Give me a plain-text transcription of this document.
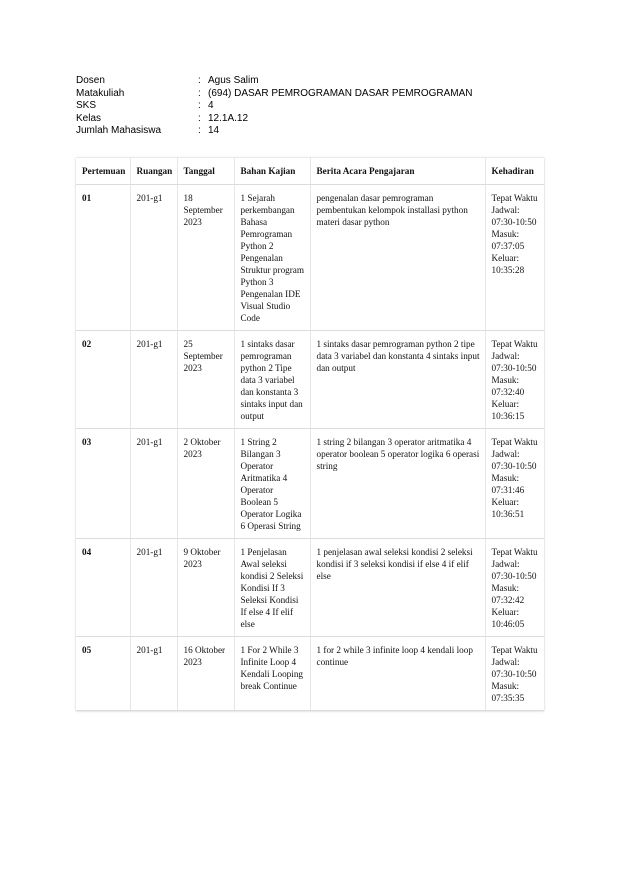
Dosen	: Agus Salim
Matakuliah	: (694) DASAR PEMROGRAMAN DASAR PEMROGRAMAN
SKS	: 4
Kelas	: 12.1A.12
Jumlah Mahasiswa	: 14
Pertemuan	Ruangan	Tanggal	Bahan Kajian	Berita Acara Pengajaran	Kehadiran
01	201-g1	18 September 2023	1 Sejarah perkembangan Bahasa Pemrograman Python 2 Pengenalan Struktur program Python 3 Pengenalan IDE Visual Studio Code	pengenalan dasar pemrograman pembentukan kelompok installasi python materi dasar python	Tepat Waktu Jadwal: 07:30-10:50 Masuk: 07:37:05 Keluar: 10:35:28
02	201-g1	25 September 2023	1 sintaks dasar pemrograman python 2 Tipe data 3 variabel dan konstanta 3 sintaks input dan output	1 sintaks dasar pemrograman python 2 tipe data 3 variabel dan konstanta 4 sintaks input dan output	Tepat Waktu Jadwal: 07:30-10:50 Masuk: 07:32:40 Keluar: 10:36:15
03	201-g1	2 Oktober 2023	1 String 2 Bilangan 3 Operator Aritmatika 4 Operator Boolean 5 Operator Logika 6 Operasi String	1 string 2 bilangan 3 operator aritmatika 4 operator boolean 5 operator logika 6 operasi string	Tepat Waktu Jadwal: 07:30-10:50 Masuk: 07:31:46 Keluar: 10:36:51
04	201-g1	9 Oktober 2023	1 Penjelasan Awal seleksi kondisi 2 Seleksi Kondisi If 3 Seleksi Kondisi If else 4 If elif else	1 penjelasan awal seleksi kondisi 2 seleksi kondisi if 3 seleksi kondisi if else 4 if elif else	Tepat Waktu Jadwal: 07:30-10:50 Masuk: 07:32:42 Keluar: 10:46:05
05	201-g1	16 Oktober 2023	1 For 2 While 3 Infinite Loop 4 Kendali Looping break Continue	1 for 2 while 3 infinite loop 4 kendali loop continue	Tepat Waktu Jadwal: 07:30-10:50 Masuk: 07:35:35
